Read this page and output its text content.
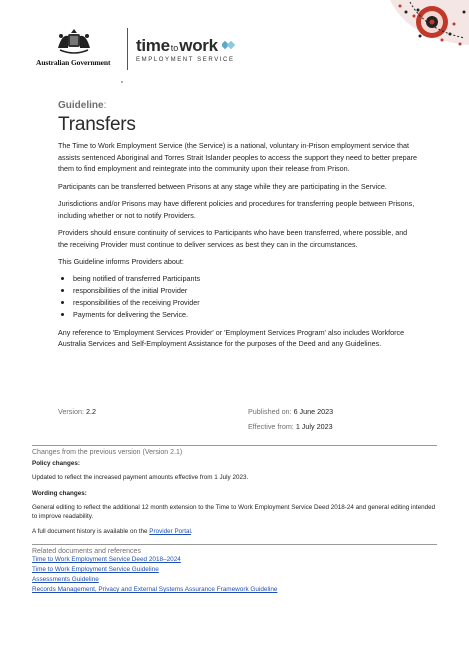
Australian Government
time to work
EMPLOYMENT SERVICE
Guideline:
Transfers

The Time to Work Employment Service (the Service) is a national, voluntary in-Prison employment service that assists sentenced Aboriginal and Torres Strait Islander peoples to access the support they need to better prepare them to find employment and reintegrate into the community upon their release from Prison.

Participants can be transferred between Prisons at any stage while they are participating in the Service.

Jurisdictions and/or Prisons may have different policies and procedures for transferring people between Prisons, including whether or not to notify Providers.

Providers should ensure continuity of services to Participants who have been transferred, where possible, and the receiving Provider must continue to deliver services as best they can in the circumstances.

This Guideline informs Providers about:

being notified of transferred Participants
responsibilities of the initial Provider
responsibilities of the receiving Provider
Payments for delivering the Service.

Any reference to 'Employment Services Provider' or 'Employment Services Program' also includes Workforce Australia Services and Self-Employment Assistance for the purposes of the Deed and any Guidelines.

Version: 2.2	Published on: 6 June 2023
Effective from: 1 July 2023
Changes from the previous version (Version 2.1)
Policy changes:
Updated to reflect the increased payment amounts effective from 1 July 2023.
Wording changes:
General editing to reflect the additional 12 month extension to the Time to Work Employment Service Deed 2018-24 and general editing intended to improve readability.
A full document history is available on the Provider Portal.
Related documents and references
Time to Work Employment Service Deed 2018–2024
Time to Work Employment Service Guideline
Assessments Guideline
Records Management, Privacy and External Systems Assurance Framework Guideline
